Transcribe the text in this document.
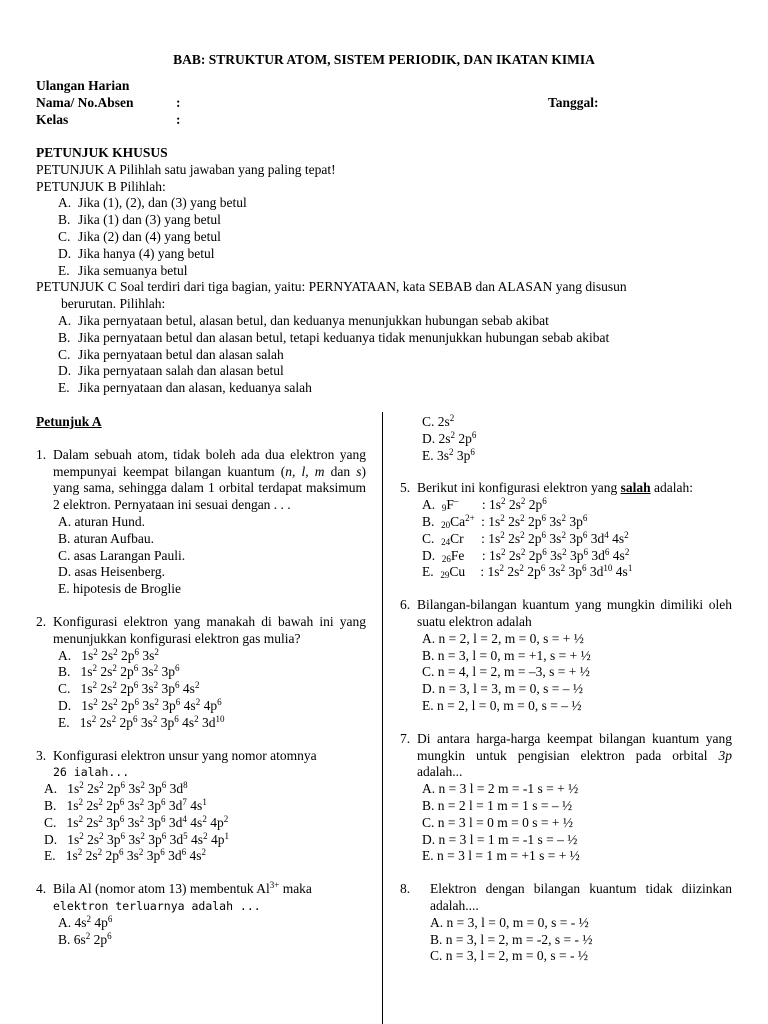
BAB: STRUKTUR ATOM, SISTEM PERIODIK, DAN IKATAN KIMIA
Ulangan Harian
Nama/ No.Absen	:	Tanggal:
Kelas	:
PETUNJUK KHUSUS
PETUNJUK A Pilihlah satu jawaban yang paling tepat!
PETUNJUK B Pilihlah:
A. Jika (1), (2), dan (3) yang betul
B. Jika (1) dan (3) yang betul
C. Jika (2) dan (4) yang betul
D. Jika hanya (4) yang betul
E. Jika semuanya betul
PETUNJUK C Soal terdiri dari tiga bagian, yaitu: PERNYATAAN, kata SEBAB dan ALASAN yang disusun
berurutan. Pilihlah:
A. Jika pernyataan betul, alasan betul, dan keduanya menunjukkan hubungan sebab akibat
B. Jika pernyataan betul dan alasan betul, tetapi keduanya tidak menunjukkan hubungan sebab akibat
C. Jika pernyataan betul dan alasan salah
D. Jika pernyataan salah dan alasan betul
E. Jika pernyataan dan alasan, keduanya salah
Petunjuk A
1. Dalam sebuah atom, tidak boleh ada dua elektron yang mempunyai keempat bilangan kuantum (n, l, m dan s) yang sama, sehingga dalam 1 orbital terdapat maksimum 2 elektron. Pernyataan ini sesuai dengan . . .
A. aturan Hund.
B. aturan Aufbau.
C. asas Larangan Pauli.
D. asas Heisenberg.
E. hipotesis de Broglie
2. Konfigurasi elektron yang manakah di bawah ini yang menunjukkan konfigurasi elektron gas mulia?
A.   $1s^2$ $2s^2$ $2p^6$ $3s^2$
B.   $1s^2$ $2s^2$ $2p^6$ $3s^2$ $3p^6$
C.   $1s^2$ $2s^2$ $2p^6$ $3s^2$ $3p^6$ $4s^2$
D.   $1s^2$ $2s^2$ $2p^6$ $3s^2$ $3p^6$ $4s^2$ $4p^6$
E.   $1s^2$ $2s^2$ $2p^6$ $3s^2$ $3p^6$ $4s^2$ $3d^{10}$
3. Konfigurasi elektron unsur yang nomor atomnya
26 ialah...
A.   $1s^2$ $2s^2$ $2p^6$ $3s^2$ $3p^6$ $3d^8$
B.   $1s^2$ $2s^2$ $2p^6$ $3s^2$ $3p^6$ $3d^7$ $4s^1$
C.   $1s^2$ $2s^2$ $3p^6$ $3s^2$ $3p^6$ $3d^4$ $4s^2$ $4p^2$
D.   $1s^2$ $2s^2$ $3p^6$ $3s^2$ $3p^6$ $3d^5$ $4s^2$ $4p^1$
E.   $1s^2$ $2s^2$ $2p^6$ $3s^2$ $3p^6$ $3d^6$ $4s^2$
4. Bila Al (nomor atom 13) membentuk $Al^{3+}$ maka
elektron terluarnya adalah ...
A. $4s^2$ $4p^6$
B. $6s^2$ $2p^6$
C. $2s^2$
D. $2s^2$ $2p^6$
E. $3s^2$ $3p^6$
5. Berikut ini konfigurasi elektron yang salah adalah:
A.  $_9$F– : $1s^2$ $2s^2$ $2p^6$
B.  $_{20}Ca^{2+}$ : $1s^2$ $2s^2$ $2p^6$ $3s^2$ $3p^6$
C.  $_{24}$Cr : $1s^2$ $2s^2$ $2p^6$ $3s^2$ $3p^6$ $3d^4$ $4s^2$
D.  $_{26}$Fe : $1s^2$ $2s^2$ $2p^6$ $3s^2$ $3p^6$ $3d^6$ $4s^2$
E.  $_{29}$Cu : $1s^2$ $2s^2$ $2p^6$ $3s^2$ $3p^6$ $3d^{10}$ $4s^1$
6. Bilangan-bilangan kuantum yang mungkin dimiliki oleh suatu elektron adalah
A. n = 2, l = 2, m = 0, s = + ½
B. n = 3, l = 0, m = +1, s = + ½
C. n = 4, l = 2, m = –3, s = + ½
D. n = 3, l = 3, m = 0, s = – ½
E. n = 2, l = 0, m = 0, s = – ½
7. Di antara harga-harga keempat bilangan kuantum yang mungkin untuk pengisian elektron pada orbital 3p adalah...
A. n = 3 l = 2 m = -1 s = + ½
B. n = 2 l = 1 m = 1 s = – ½
C. n = 3 l = 0 m = 0 s = + ½
D. n = 3 l = 1 m = -1 s = – ½
E. n = 3 l = 1 m = +1 s = + ½
8.	Elektron dengan bilangan kuantum tidak diizinkan adalah....
A. n = 3, l = 0, m = 0, s = - ½
B. n = 3, l = 2, m = -2, s = - ½
C. n = 3, l = 2, m = 0, s = - ½
